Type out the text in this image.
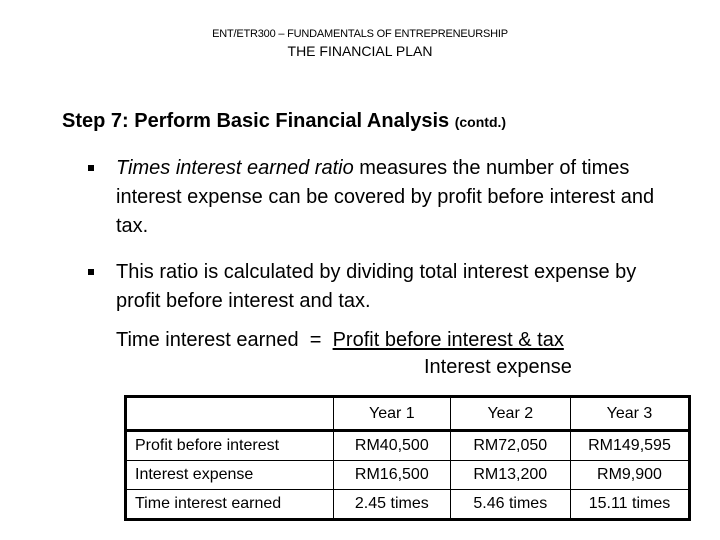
ENT/ETR300 – FUNDAMENTALS OF ENTREPRENEURSHIP
THE FINANCIAL PLAN
Step 7: Perform Basic Financial Analysis (contd.)
Times interest earned ratio measures the number of times interest expense can be covered by profit before interest and tax.
This ratio is calculated by dividing total interest expense by profit before interest and tax.
Time interest earned  =  Profit before interest & tax
Interest expense
	Year 1	Year 2	Year 3
Profit before interest	RM40,500	RM72,050	RM149,595
Interest expense	RM16,500	RM13,200	RM9,900
Time interest earned	2.45 times	5.46 times	15.11 times
